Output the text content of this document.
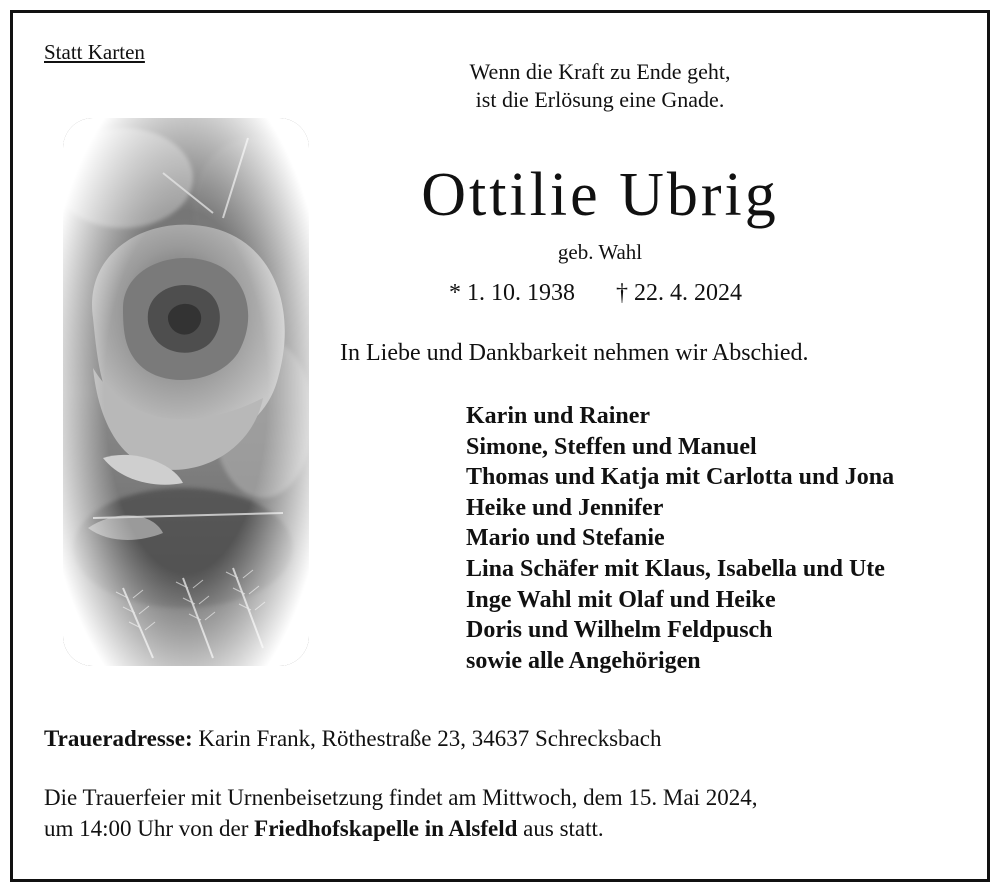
Statt Karten
Wenn die Kraft zu Ende geht,
ist die Erlösung eine Gnade.
Ottilie Ubrig
geb. Wahl
* 1. 10. 1938 † 22. 4. 2024
In Liebe und Dankbarkeit nehmen wir Abschied.
Karin und Rainer
Simone, Steffen und Manuel
Thomas und Katja mit Carlotta und Jona
Heike und Jennifer
Mario und Stefanie
Lina Schäfer mit Klaus, Isabella und Ute
Inge Wahl mit Olaf und Heike
Doris und Wilhelm Feldpusch
sowie alle Angehörigen
Traueradresse: Karin Frank, Röthestraße 23, 34637 Schrecksbach
Die Trauerfeier mit Urnenbeisetzung findet am Mittwoch, dem 15. Mai 2024,
um 14:00 Uhr von der Friedhofskapelle in Alsfeld aus statt.
